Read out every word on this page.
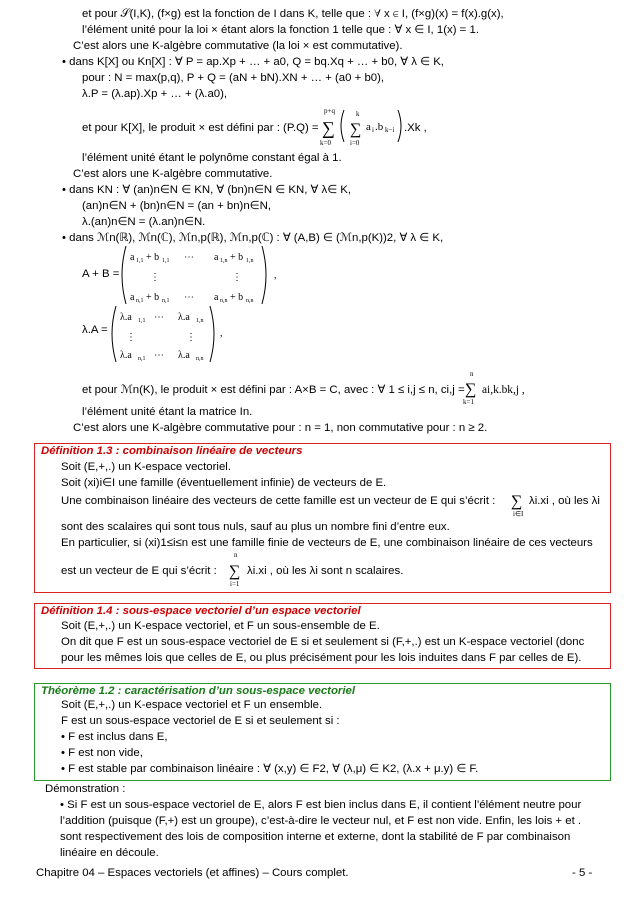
et pour 𝒮(I,K), (f×g) est la fonction de I dans K, telle que : ∀ x ∈ I, (f×g)(x) = f(x).g(x),
l’élément unité pour la loi × étant alors la fonction 1 telle que : ∀ x ∈ I, 1(x) = 1.
C’est alors une K-algèbre commutative (la loi × est commutative).
• dans K[X] ou Kn[X] : ∀ P = ap.Xp + … + a0, Q = bq.Xq + … + b0, ∀ λ ∈ K,
pour : N = max(p,q), P + Q = (aN + bN).XN + … + (a0 + b0),
λ.P = (λ.ap).Xp + … + (λ.a0),
et pour K[X], le produit × est défini par : (P.Q) =
p+q
∑
k=0
k
∑
i=0
a i .b k−i .Xk ,
l’élément unité étant le polynôme constant égal à 1.
C’est alors une K-algèbre commutative.
• dans KN : ∀ (an)n∈N ∈ KN, ∀ (bn)n∈N ∈ KN, ∀ λ∈ K,
(an)n∈N + (bn)n∈N = (an + bn)n∈N,
λ.(an)n∈N = (λ.an)n∈N.
• dans ℳn(ℝ), ℳn(ℂ), ℳn,p(ℝ), ℳn,p(ℂ) : ∀ (A,B) ∈ (ℳn,p(K))2, ∀ λ ∈ K,
A + B =
a 1,1 + b 1,1 ⋯ a 1,n + b 1,n
⋮	⋮
a n,1 + b n,1 ⋯ a n,n + b n,n
,
λ.A =
λ.a 1,1 ⋯ λ.a 1,n
⋮	⋮
λ.a n,1 ⋯ λ.a n,n
,
et pour ℳn(K), le produit × est défini par : A×B = C, avec : ∀ 1 ≤ i,j ≤ n, ci,j =
n
∑
k=1
ai,k.bk,j ,
l’élément unité étant la matrice In.
C’est alors une K-algèbre commutative pour : n = 1, non commutative pour : n ≥ 2.
Définition 1.3 : combinaison linéaire de vecteurs
Soit (E,+,.) un K-espace vectoriel.
Soit (xi)i∈I une famille (éventuellement infinie) de vecteurs de E.
Une combinaison linéaire des vecteurs de cette famille est un vecteur de E qui s’écrit : ∑
i∈I
λi.xi , où les λi
sont des scalaires qui sont tous nuls, sauf au plus un nombre fini d’entre eux.
En particulier, si (xi)1≤i≤n est une famille finie de vecteurs de E, une combinaison linéaire de ces vecteurs
est un vecteur de E qui s’écrit :
n
∑
i=1
λi.xi , où les λi sont n scalaires.
Définition 1.4 : sous-espace vectoriel d’un espace vectoriel
Soit (E,+,.) un K-espace vectoriel, et F un sous-ensemble de E.
On dit que F est un sous-espace vectoriel de E si et seulement si (F,+,.) est un K-espace vectoriel (donc
pour les mêmes lois que celles de E, ou plus précisément pour les lois induites dans F par celles de E).
Théorème 1.2 : caractérisation d’un sous-espace vectoriel
Soit (E,+,.) un K-espace vectoriel et F un ensemble.
F est un sous-espace vectoriel de E si et seulement si :
• F est inclus dans E,
• F est non vide,
• F est stable par combinaison linéaire : ∀ (x,y) ∈ F2, ∀ (λ,μ) ∈ K2, (λ.x + μ.y) ∈ F.
Démonstration :
• Si F est un sous-espace vectoriel de E, alors F est bien inclus dans E, il contient l’élément neutre pour
l’addition (puisque (F,+) est un groupe), c’est-à-dire le vecteur nul, et F est non vide. Enfin, les lois + et .
sont respectivement des lois de composition interne et externe, dont la stabilité de F par combinaison
linéaire en découle.
Chapitre 04 – Espaces vectoriels (et affines) – Cours complet.	- 5 -
